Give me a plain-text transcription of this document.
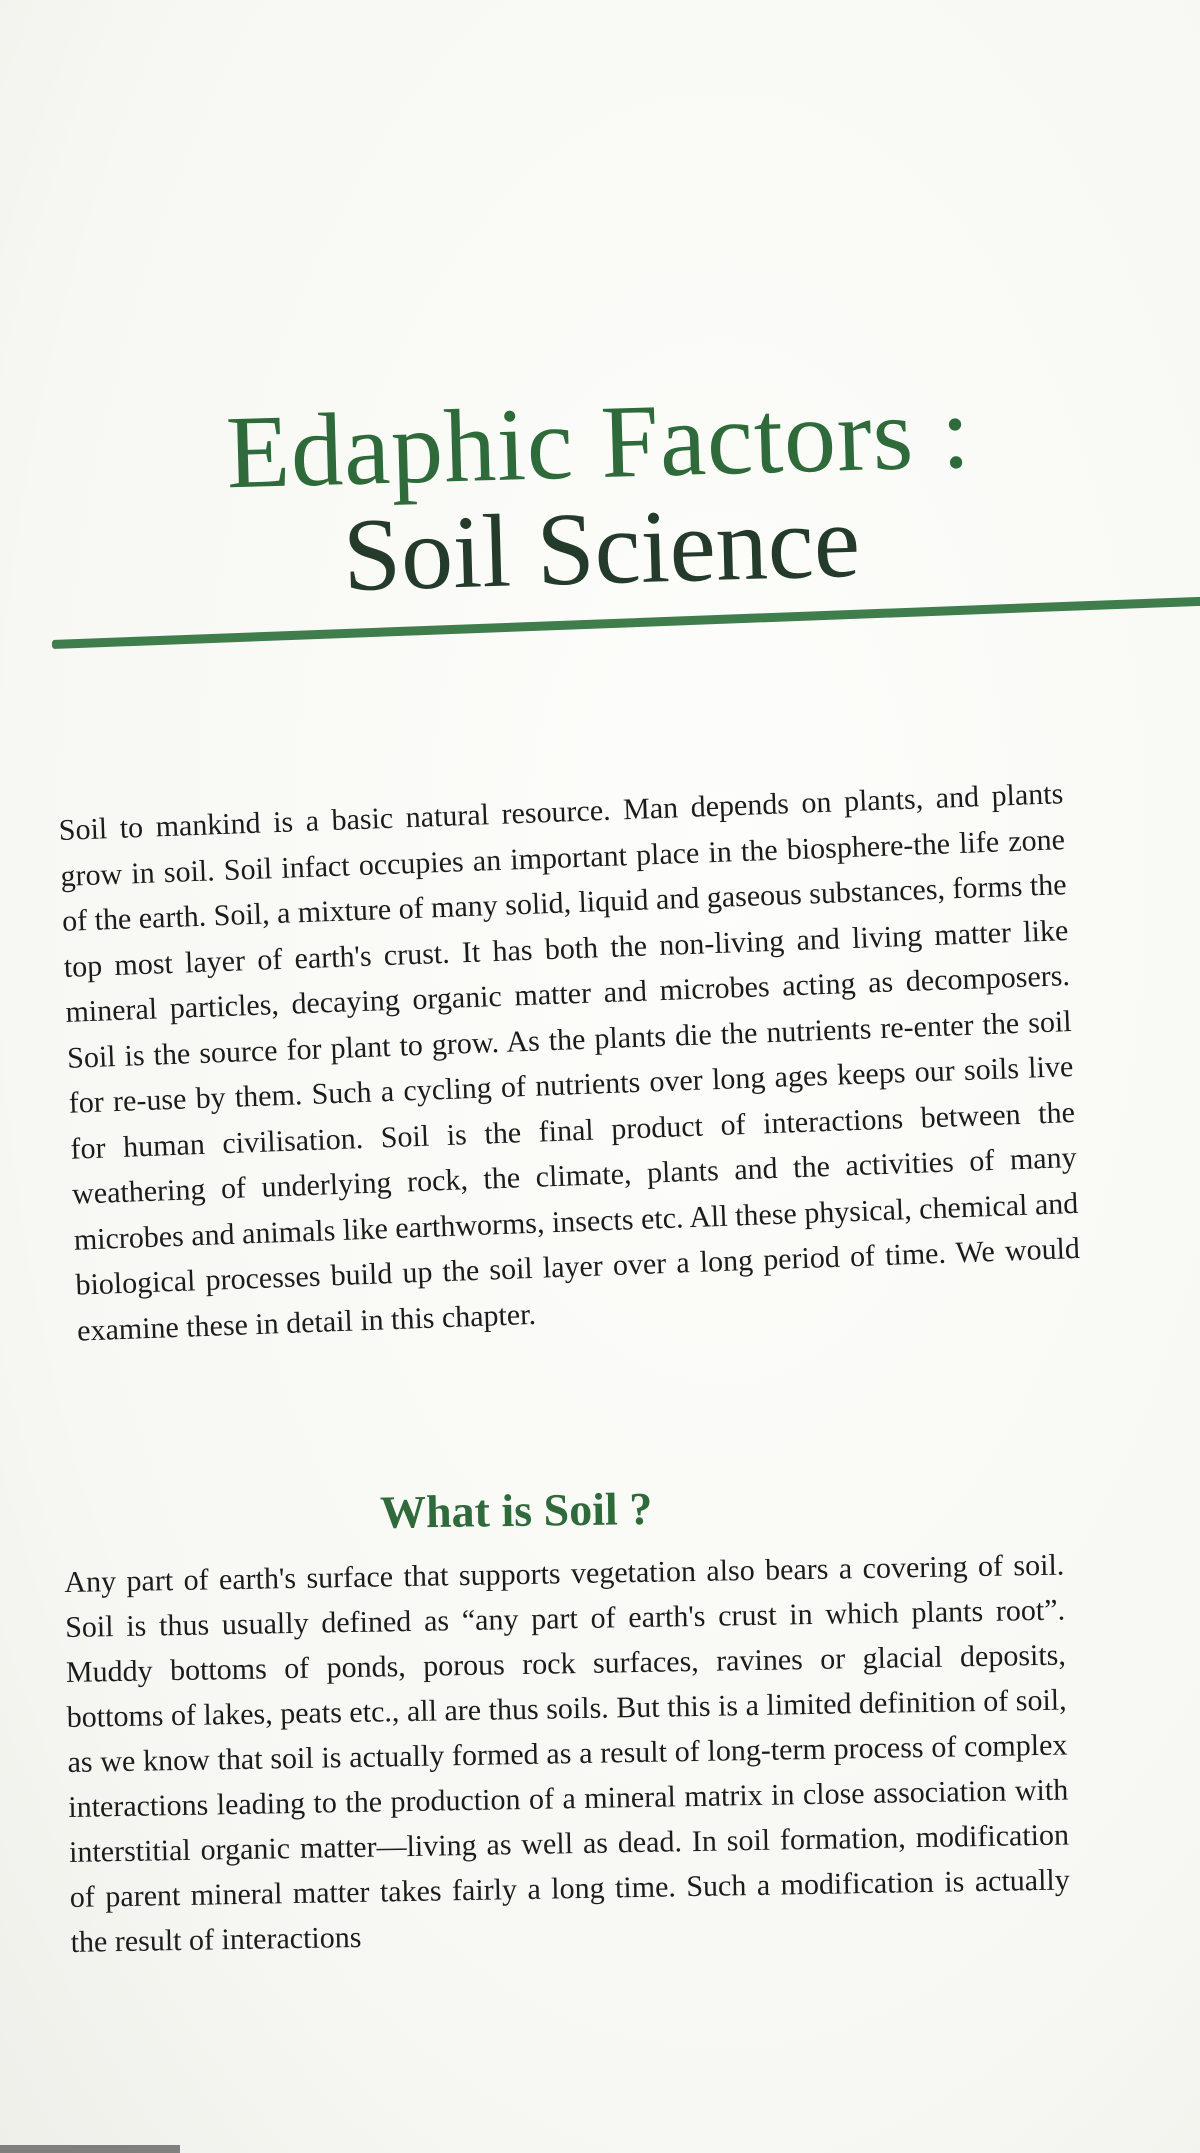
Edaphic Factors :
Soil Science

Soil to mankind is a basic natural resource. Man depends on plants, and plants grow in soil. Soil infact occupies an important place in the biosphere-the life zone of the earth. Soil, a mixture of many solid, liquid and gaseous substances, forms the top most layer of earth's crust. It has both the non-living and living matter like mineral particles, decaying organic matter and microbes acting as decomposers. Soil is the source for plant to grow. As the plants die the nutrients re-enter the soil for re-use by them. Such a cycling of nutrients over long ages keeps our soils live for human civilisation. Soil is the final product of interactions between the weathering of underlying rock, the climate, plants and the activities of many microbes and animals like earthworms, insects etc. All these physical, chemical and biological processes build up the soil layer over a long period of time. We would examine these in detail in this chapter.

What is Soil ?

Any part of earth's surface that supports vegetation also bears a covering of soil. Soil is thus usually defined as “any part of earth's crust in which plants root”. Muddy bottoms of ponds, porous rock surfaces, ravines or glacial deposits, bottoms of lakes, peats etc., all are thus soils. But this is a limited definition of soil, as we know that soil is actually formed as a result of long-term process of complex interactions leading to the production of a mineral matrix in close association with interstitial organic matter—living as well as dead. In soil formation, modification of parent mineral matter takes fairly a long time. Such a modification is actually the result of interactions
